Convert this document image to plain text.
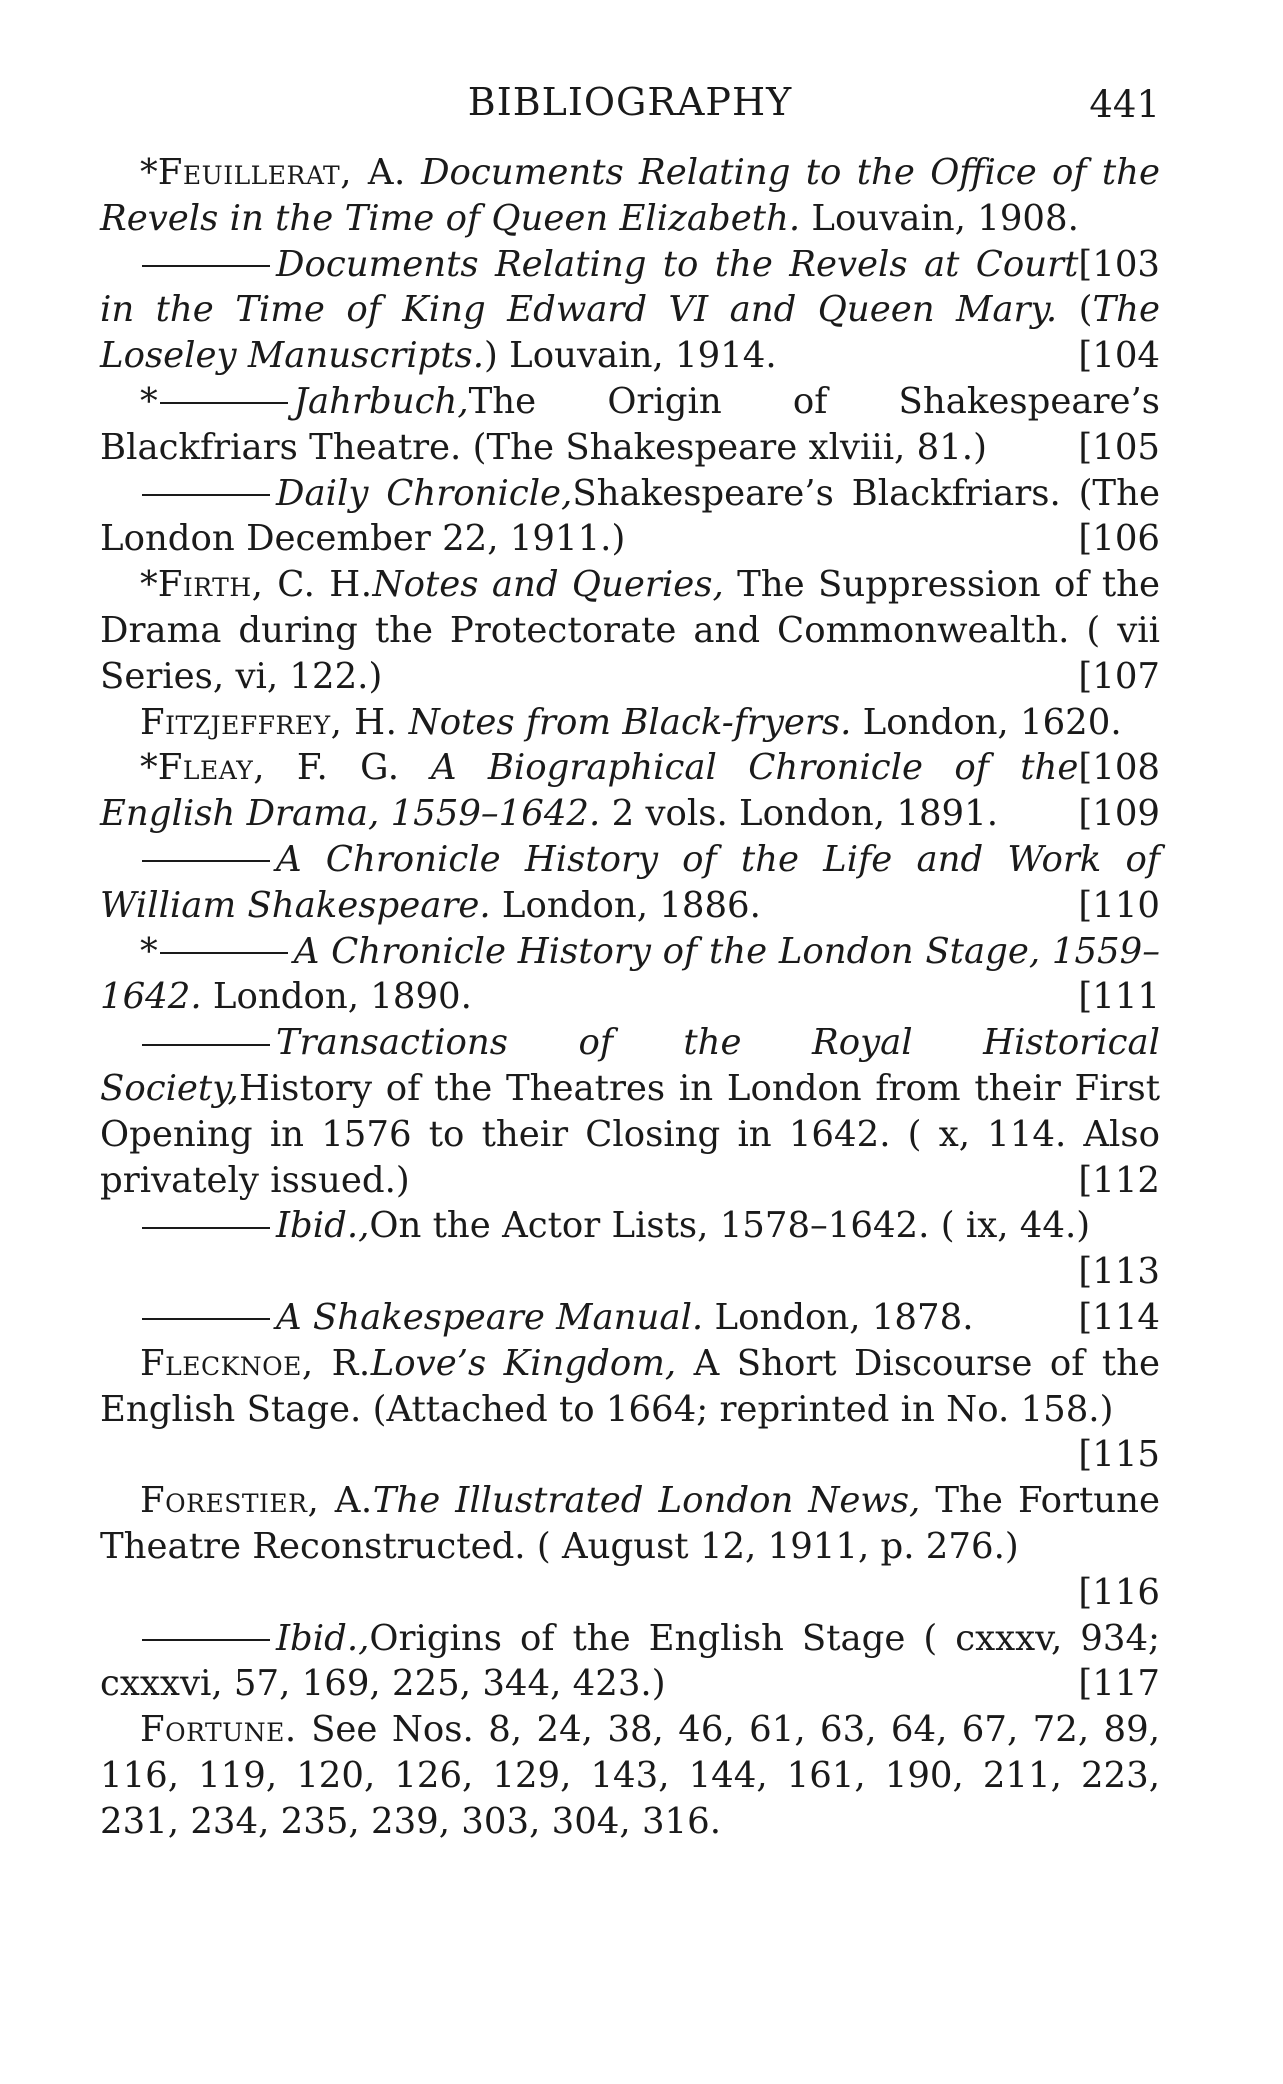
BIBLIOGRAPHY	441

*Feuillerat, A. Documents Relating to the Office of the Revels in the Time of Queen Elizabeth. Louvain, 1908.
[103

Documents Relating to the Revels at Court in the Time of King Edward VI and Queen Mary. (The Loseley Manuscripts.) Louvain, 1914.	[104

*	Jahrbuch,The Origin of Shakespeare’s Blackfriars Theatre. (The Shakespeare xlviii, 81.)	[105

Daily Chronicle,Shakespeare’s Blackfriars. (The London December 22, 1911.)	[106

*Firth, C. H.Notes and Queries, The Suppression of the Drama during the Protectorate and Commonwealth. ( vii Series, vi, 122.)	[107

Fitzjeffrey, H. Notes from Black-fryers. London, 1620.
[108

*Fleay, F. G. A Biographical Chronicle of the English Drama, 1559–1642. 2 vols. London, 1891. [109

A Chronicle History of the Life and Work of William Shakespeare. London, 1886.	[110

*	A Chronicle History of the London Stage, 1559–1642. London, 1890.	[111

Transactions of the Royal Historical Society,History of the Theatres in London from their First Opening in 1576 to their Closing in 1642. ( x, 114. Also privately issued.)	[112

Ibid.,On the Actor Lists, 1578–1642. ( ix, 44.)
[113

A Shakespeare Manual. London, 1878.	[114

Flecknoe, R.Love’s Kingdom, A Short Discourse of the English Stage. (Attached to 1664; reprinted in No. 158.)
[115

Forestier, A.The Illustrated London News, The Fortune Theatre Reconstructed. ( August 12, 1911, p. 276.)
[116

Ibid.,Origins of the English Stage ( cxxxv, 934; cxxxvi, 57, 169, 225, 344, 423.)	[117

Fortune. See Nos. 8, 24, 38, 46, 61, 63, 64, 67, 72, 89, 116, 119, 120, 126, 129, 143, 144, 161, 190, 211, 223, 231, 234, 235, 239, 303, 304, 316.
